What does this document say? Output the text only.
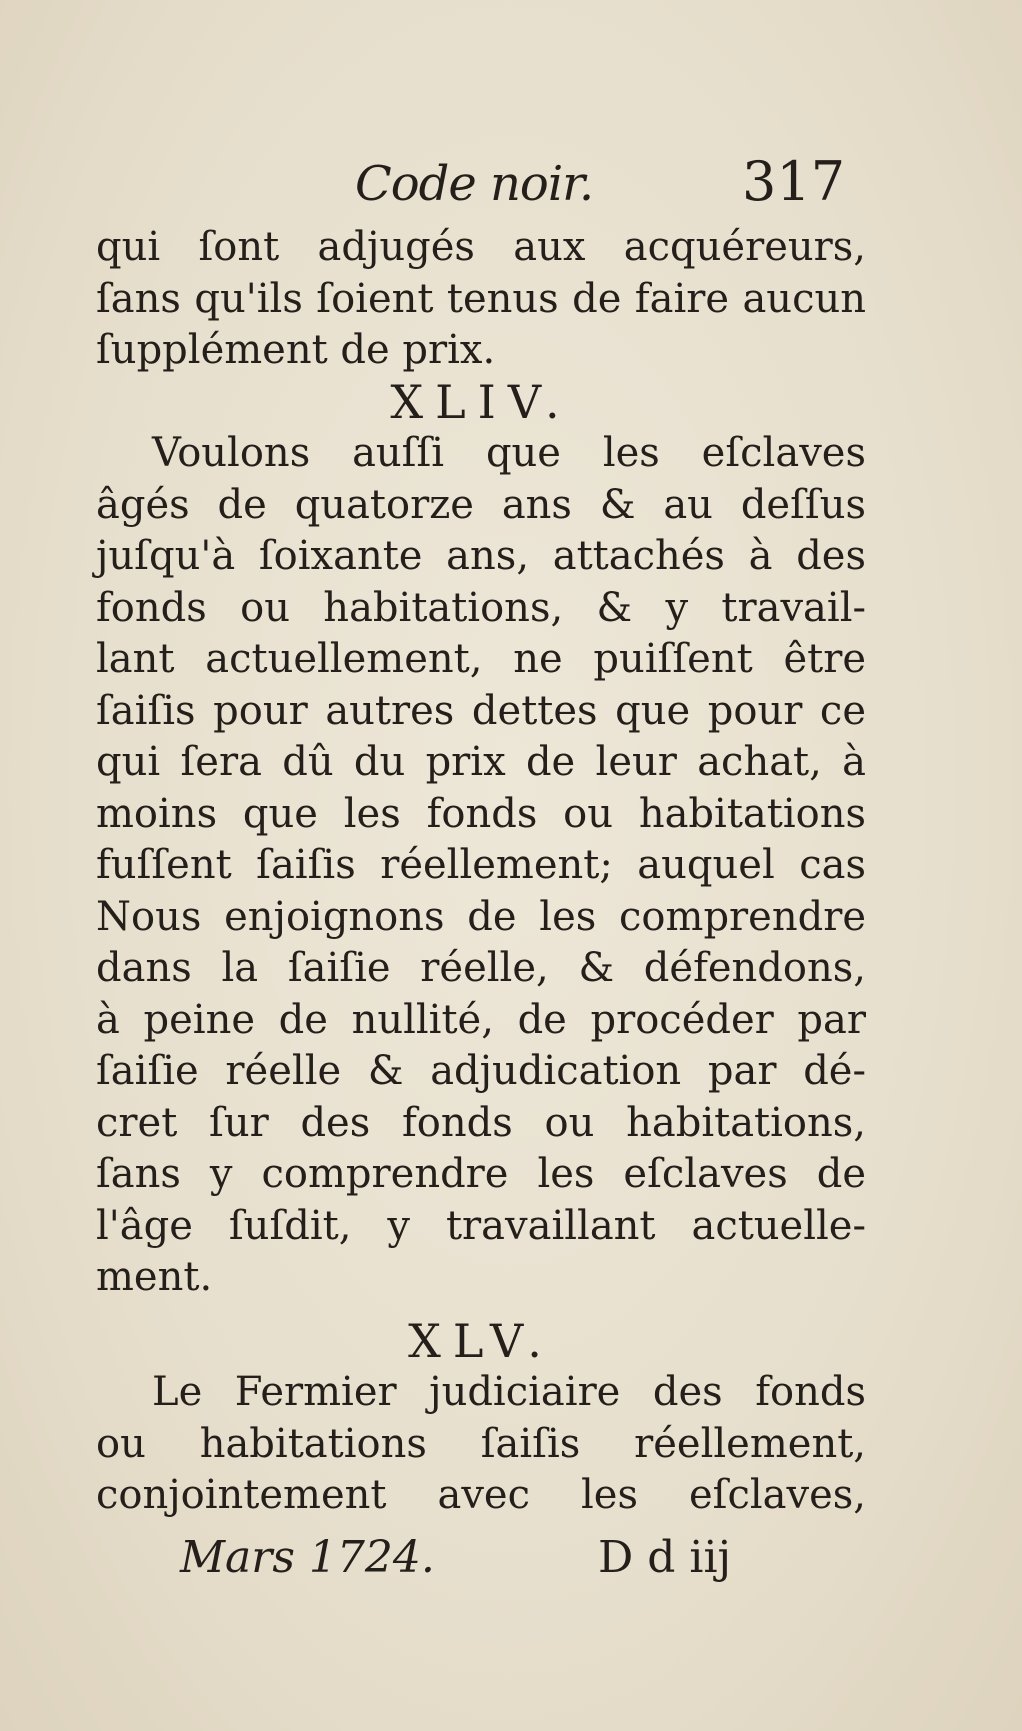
Code noir.	317
qui ſont adjugés aux acquéreurs,
ſans qu'ils ſoient tenus de faire aucun
ſupplément de prix.
XLIV.
Voulons auſſi que les eſclaves
âgés de quatorze ans & au deſſus
juſqu'à ſoixante ans, attachés à des
fonds ou habitations, & y travail-
lant actuellement, ne puiſſent être
ſaiſis pour autres dettes que pour ce
qui ſera dû du prix de leur achat, à
moins que les fonds ou habitations
fuſſent ſaiſis réellement; auquel cas
Nous enjoignons de les comprendre
dans la ſaiſie réelle, & défendons,
à peine de nullité, de procéder par
ſaiſie réelle & adjudication par dé-
cret ſur des fonds ou habitations,
ſans y comprendre les eſclaves de
l'âge ſuſdit, y travaillant actuelle-
ment.
XLV.
Le Fermier judiciaire des fonds
ou habitations ſaiſis réellement,
conjointement avec les eſclaves,
Mars 1724.	D d iij
